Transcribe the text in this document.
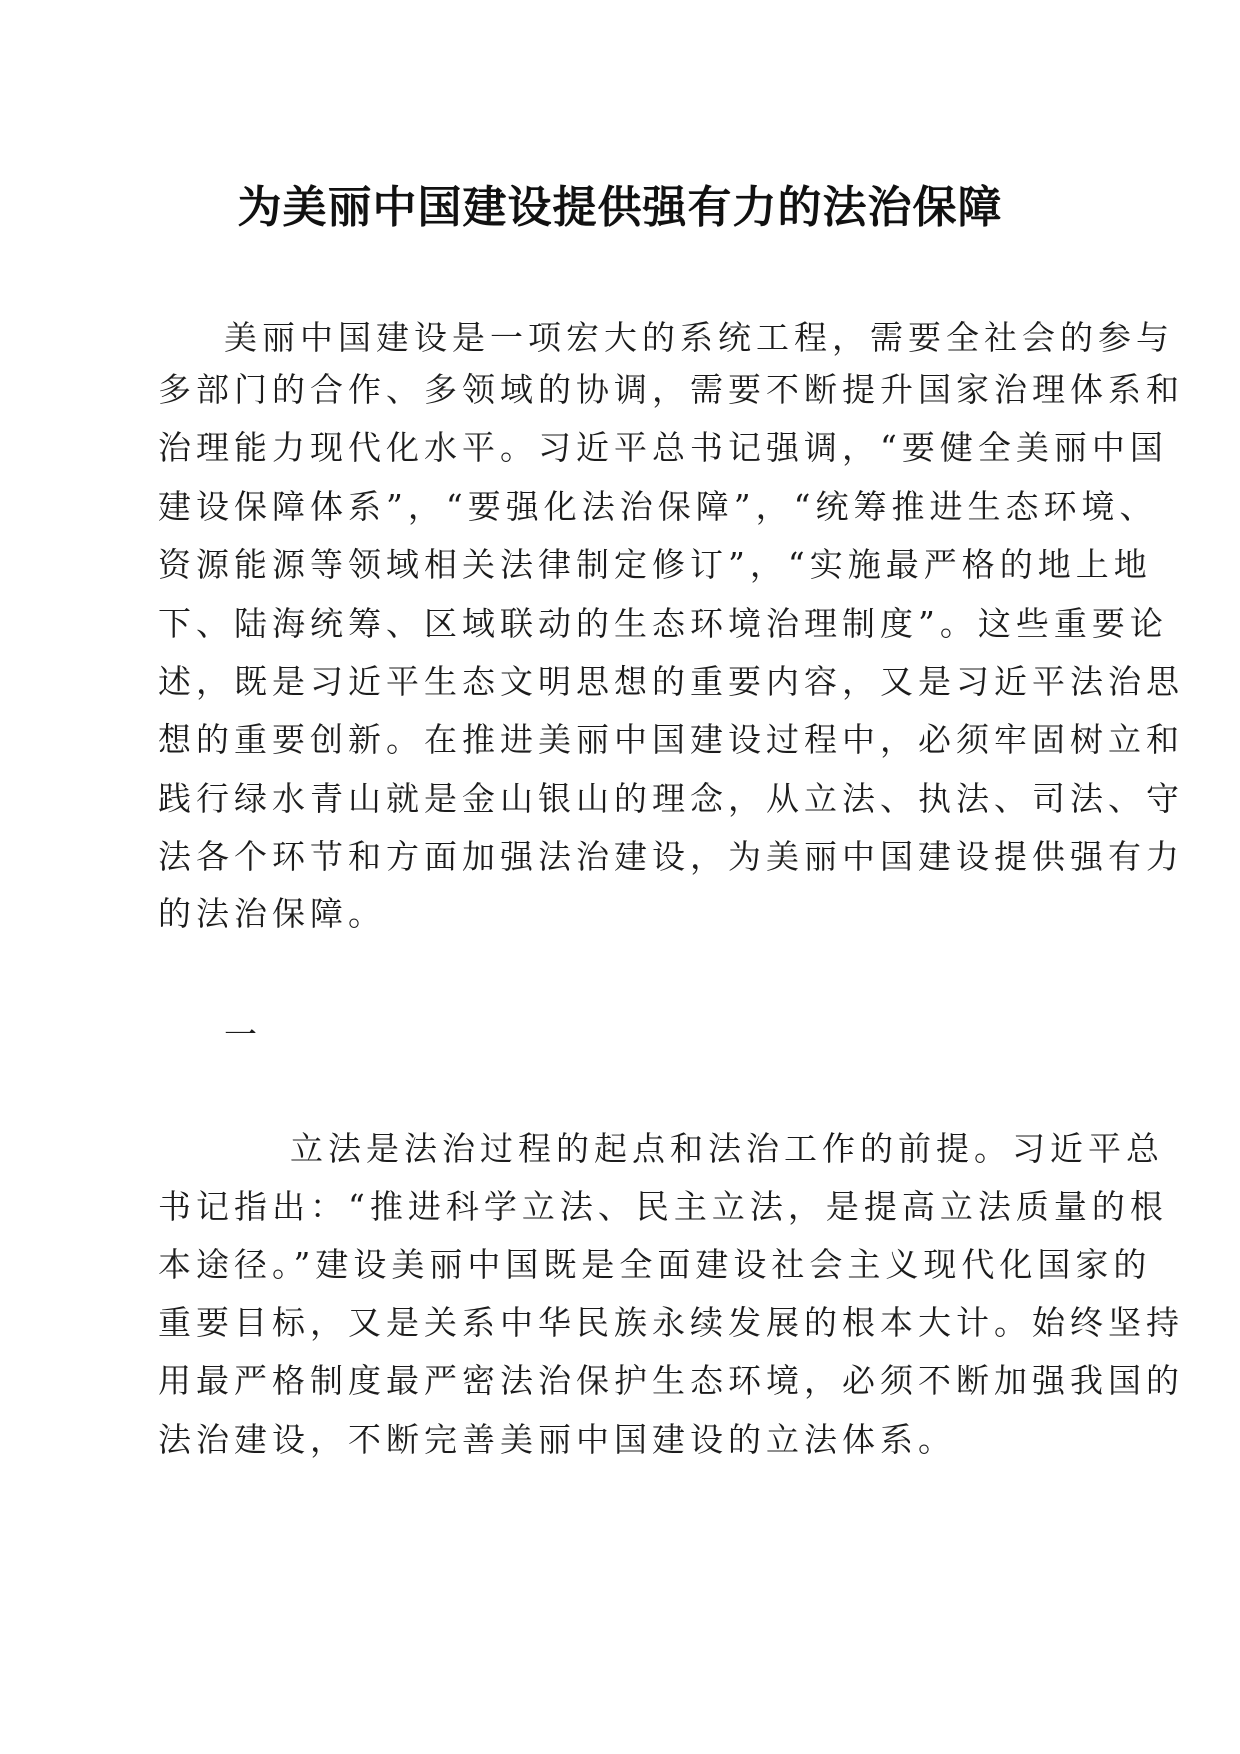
为美丽中国建设提供强有力的法治保障
美丽中国建设是一项宏大的系统工程，需要全社会的参与
多部门的合作、多领域的协调，需要不断提升国家治理体系和
治理能力现代化水平。习近平总书记强调，“要健全美丽中国
建设保障体系”，“要强化法治保障”，“统筹推进生态环境、
资源能源等领域相关法律制定修订”，“实施最严格的地上地
下、陆海统筹、区域联动的生态环境治理制度”。这些重要论
述，既是习近平生态文明思想的重要内容，又是习近平法治思
想的重要创新。在推进美丽中国建设过程中，必须牢固树立和
践行绿水青山就是金山银山的理念，从立法、执法、司法、守
法各个环节和方面加强法治建设，为美丽中国建设提供强有力
的法治保障。
一
立法是法治过程的起点和法治工作的前提。习近平总
书记指出：“推进科学立法、民主立法，是提高立法质量的根
本途径。”建设美丽中国既是全面建设社会主义现代化国家的
重要目标，又是关系中华民族永续发展的根本大计。始终坚持
用最严格制度最严密法治保护生态环境，必须不断加强我国的
法治建设，不断完善美丽中国建设的立法体系。
